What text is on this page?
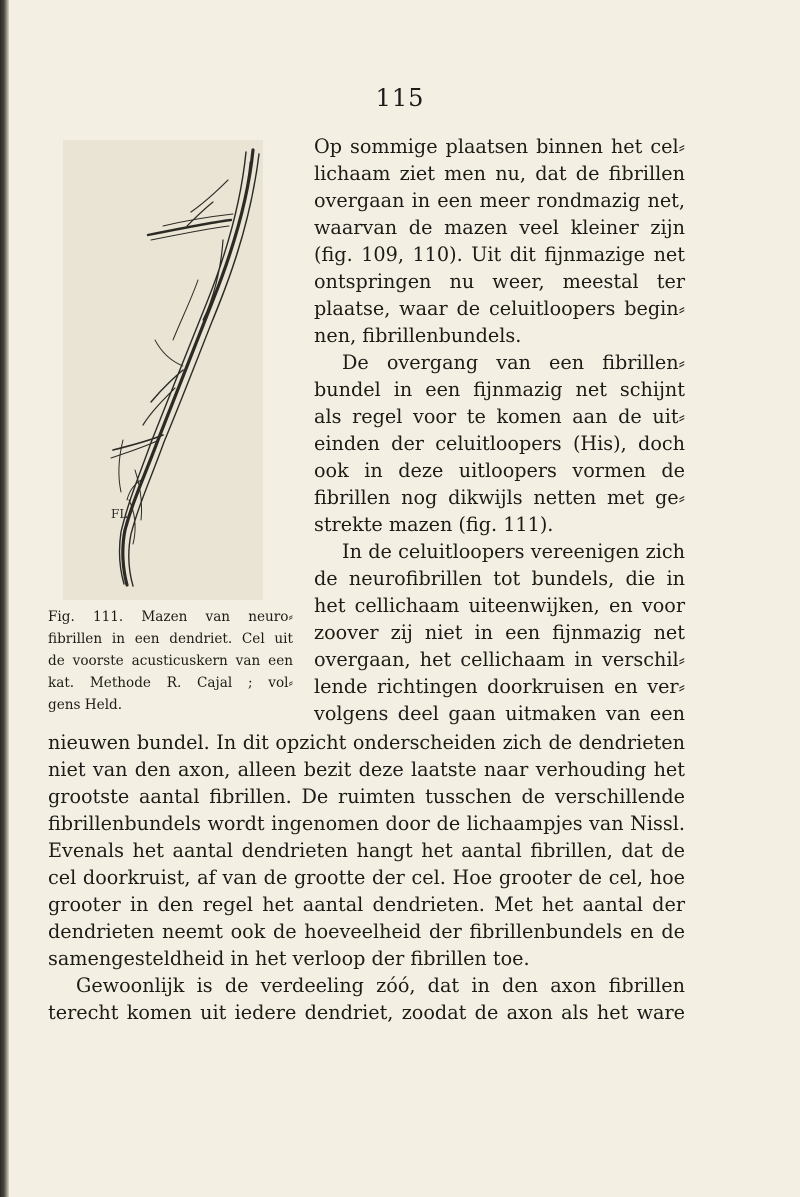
115
FL
Fig. 111. Mazen van neuro⸗
fibrillen in een dendriet. Cel uit
de voorste acusticuskern van een
kat. Methode R. Cajal ; vol⸗
gens Held.
Op sommige plaatsen binnen het cel⸗
lichaam ziet men nu, dat de fibrillen
overgaan in een meer rondmazig net,
waarvan de mazen veel kleiner zijn
(fig. 109, 110). Uit dit fijnmazige net
ontspringen nu weer, meestal ter
plaatse, waar de celuitloopers begin⸗
nen, fibrillenbundels.
De overgang van een fibrillen⸗
bundel in een fijnmazig net schijnt
als regel voor te komen aan de uit⸗
einden der celuitloopers (His), doch
ook in deze uitloopers vormen de
fibrillen nog dikwijls netten met ge⸗
strekte mazen (fig. 111).
In de celuitloopers vereenigen zich
de neurofibrillen tot bundels, die in
het cellichaam uiteenwijken, en voor
zoover zij niet in een fijnmazig net
overgaan, het cellichaam in verschil⸗
lende richtingen doorkruisen en ver⸗
volgens deel gaan uitmaken van een
nieuwen bundel. In dit opzicht onderscheiden zich de dendrieten
niet van den axon, alleen bezit deze laatste naar verhouding het
grootste aantal fibrillen. De ruimten tusschen de verschillende
fibrillenbundels wordt ingenomen door de lichaampjes van Nissl.
Evenals het aantal dendrieten hangt het aantal fibrillen, dat de
cel doorkruist, af van de grootte der cel. Hoe grooter de cel, hoe
grooter in den regel het aantal dendrieten. Met het aantal der
dendrieten neemt ook de hoeveelheid der fibrillenbundels en de
samengesteldheid in het verloop der fibrillen toe.
Gewoonlijk is de verdeeling zóó, dat in den axon fibrillen
terecht komen uit iedere dendriet, zoodat de axon als het ware
